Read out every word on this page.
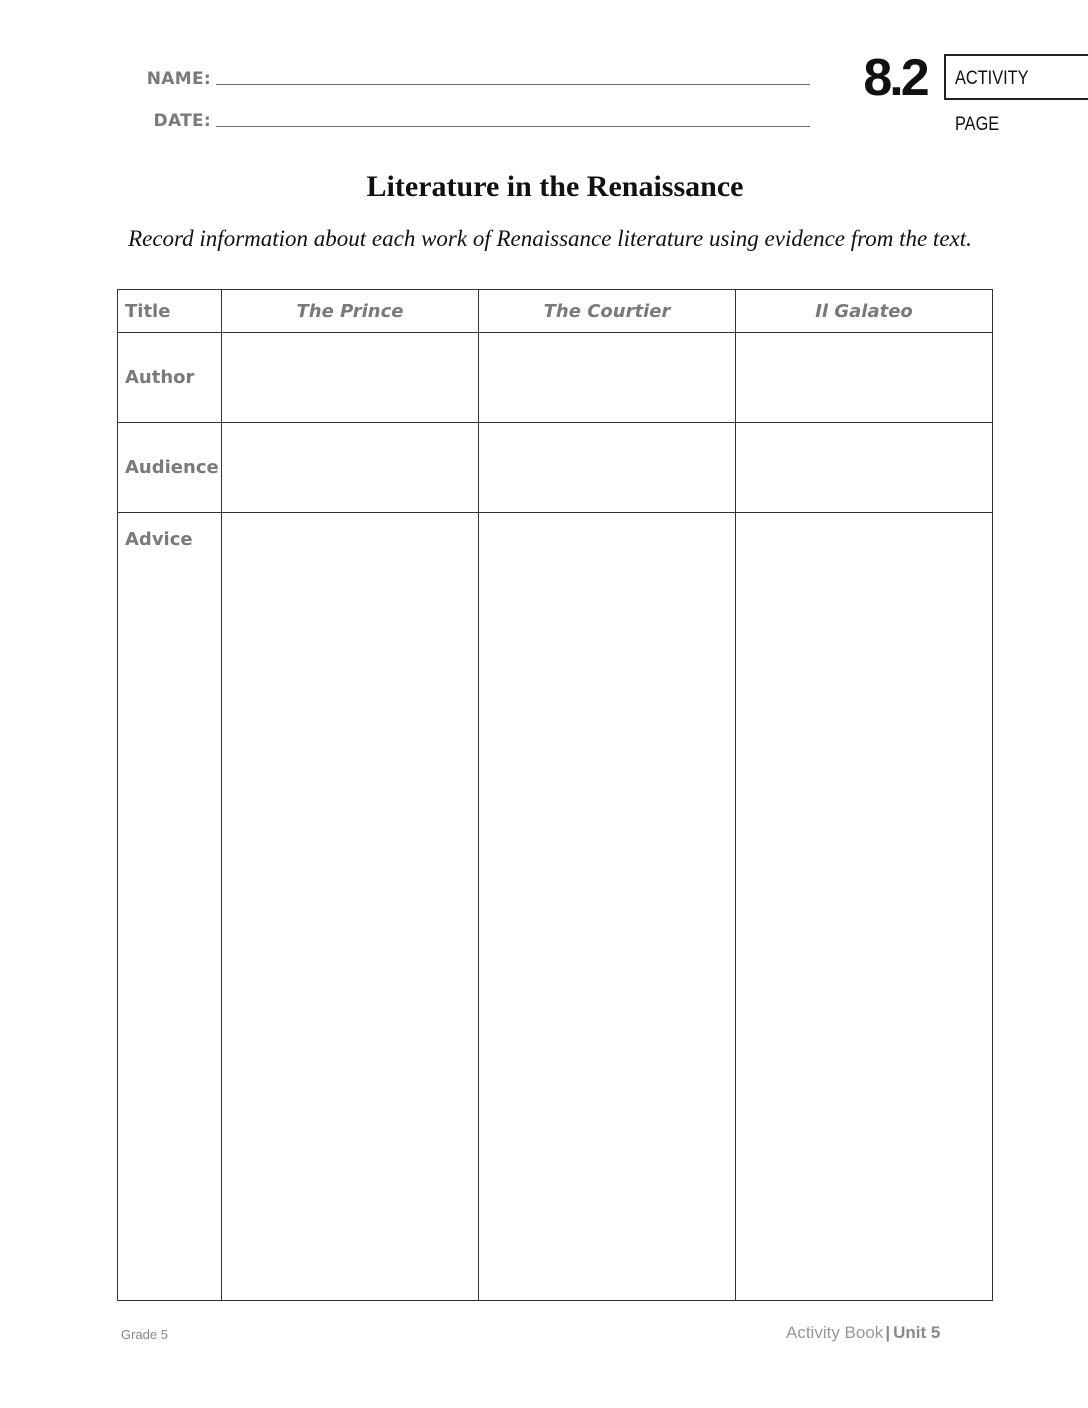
NAME:
DATE:
8.2	ACTIVITY PAGE
Literature in the Renaissance
Record information about each work of Renaissance literature using evidence from the text.
Title	The Prince	The Courtier	Il Galateo
Author			
Audience			
Advice			
Grade 5	Activity Book | Unit 5
